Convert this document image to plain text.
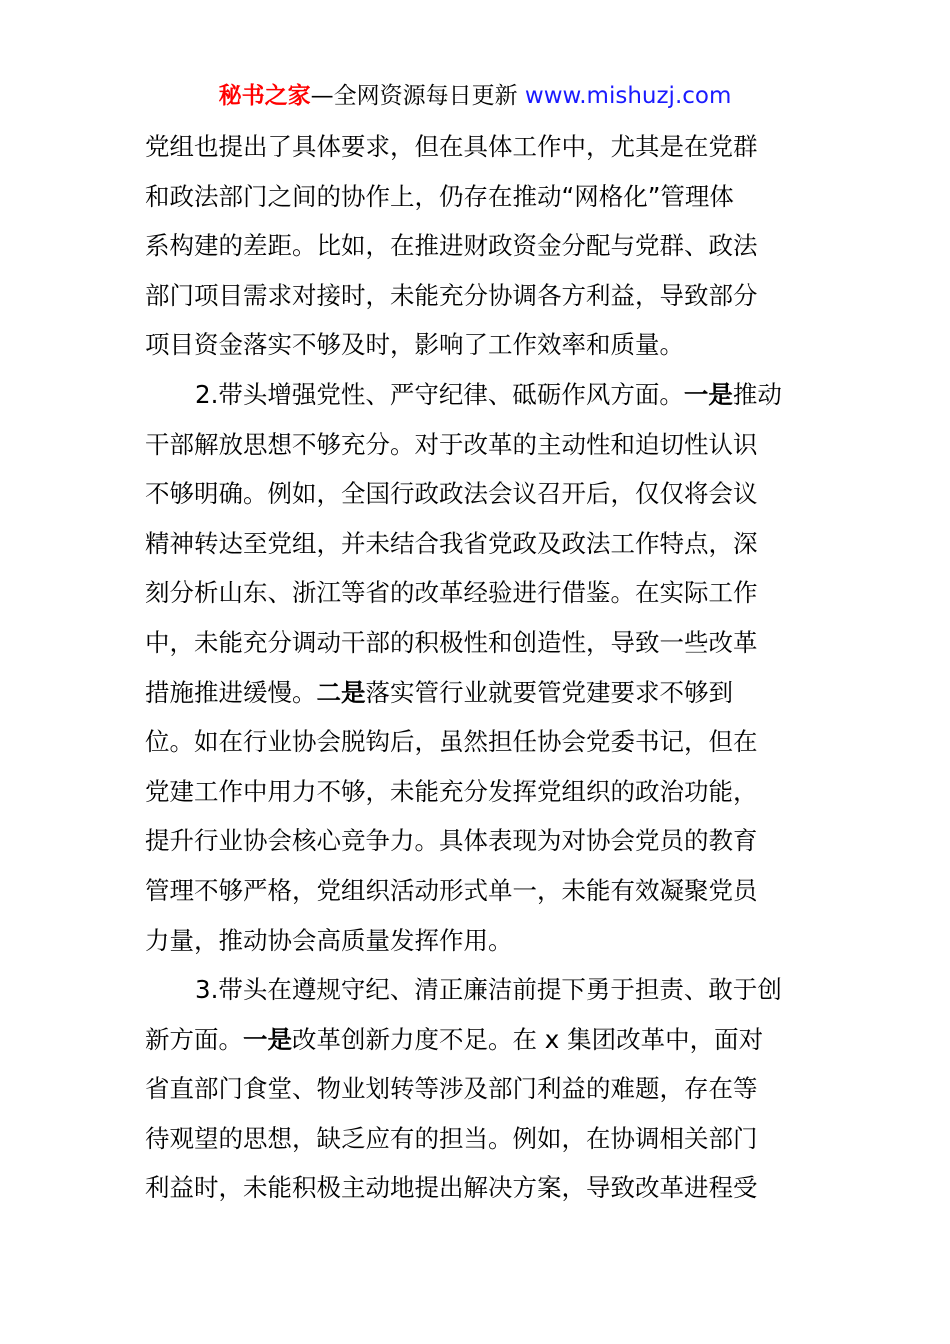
秘书之家—全网资源每日更新 www.mishuzj.com
党组也提出了具体要求，但在具体工作中，尤其是在党群
和政法部门之间的协作上，仍存在推动“网格化”管理体
系构建的差距。比如，在推进财政资金分配与党群、政法
部门项目需求对接时，未能充分协调各方利益，导致部分
项目资金落实不够及时，影响了工作效率和质量。
2.带头增强党性、严守纪律、砥砺作风方面。一是推动
干部解放思想不够充分。对于改革的主动性和迫切性认识
不够明确。例如，全国行政政法会议召开后，仅仅将会议
精神转达至党组，并未结合我省党政及政法工作特点，深
刻分析山东、浙江等省的改革经验进行借鉴。在实际工作
中，未能充分调动干部的积极性和创造性，导致一些改革
措施推进缓慢。二是落实管行业就要管党建要求不够到
位。如在行业协会脱钩后，虽然担任协会党委书记，但在
党建工作中用力不够，未能充分发挥党组织的政治功能，
提升行业协会核心竞争力。具体表现为对协会党员的教育
管理不够严格，党组织活动形式单一，未能有效凝聚党员
力量，推动协会高质量发挥作用。
3.带头在遵规守纪、清正廉洁前提下勇于担责、敢于创
新方面。一是改革创新力度不足。在 x 集团改革中，面对
省直部门食堂、物业划转等涉及部门利益的难题，存在等
待观望的思想，缺乏应有的担当。例如，在协调相关部门
利益时，未能积极主动地提出解决方案，导致改革进程受
